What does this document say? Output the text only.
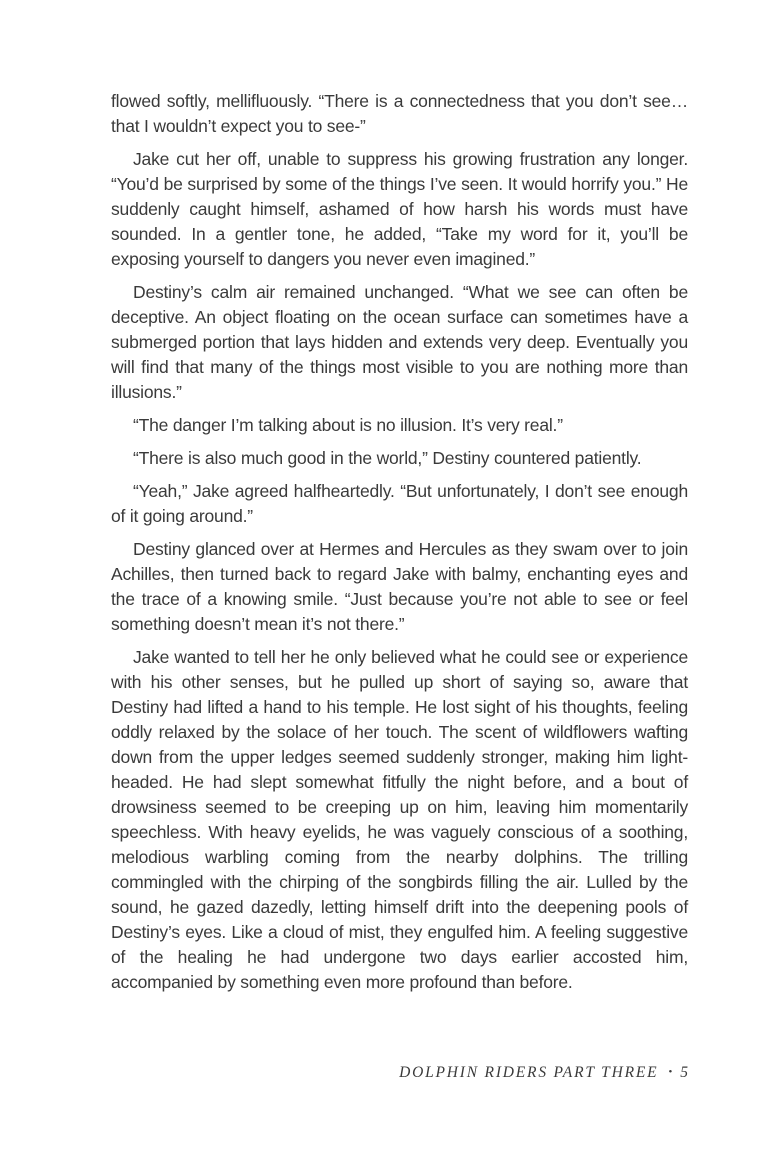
flowed softly, mellifluously. “There is a connectedness that you don’t see…that I wouldn’t expect you to see-”

Jake cut her off, unable to suppress his growing frustration any longer. “You’d be surprised by some of the things I’ve seen. It would horrify you.” He suddenly caught himself, ashamed of how harsh his words must have sounded. In a gentler tone, he added, “Take my word for it, you’ll be exposing yourself to dangers you never even imagined.”

Destiny’s calm air remained unchanged. “What we see can often be deceptive. An object floating on the ocean surface can sometimes have a submerged portion that lays hidden and extends very deep. Eventually you will find that many of the things most visible to you are nothing more than illusions.”

“The danger I’m talking about is no illusion. It’s very real.”

“There is also much good in the world,” Destiny countered patiently.

“Yeah,” Jake agreed halfheartedly. “But unfortunately, I don’t see enough of it going around.”

Destiny glanced over at Hermes and Hercules as they swam over to join Achilles, then turned back to regard Jake with balmy, enchanting eyes and the trace of a knowing smile. “Just because you’re not able to see or feel something doesn’t mean it’s not there.”

Jake wanted to tell her he only believed what he could see or experience with his other senses, but he pulled up short of saying so, aware that Destiny had lifted a hand to his temple. He lost sight of his thoughts, feeling oddly relaxed by the solace of her touch. The scent of wildflowers wafting down from the upper ledges seemed suddenly stronger, making him light-headed. He had slept somewhat fitfully the night before, and a bout of drowsiness seemed to be creeping up on him, leaving him momentarily speechless. With heavy eyelids, he was vaguely conscious of a soothing, melodious warbling coming from the nearby dolphins. The trilling commingled with the chirping of the songbirds filling the air. Lulled by the sound, he gazed dazedly, letting himself drift into the deepening pools of Destiny’s eyes. Like a cloud of mist, they engulfed him. A feeling suggestive of the healing he had undergone two days earlier accosted him, accompanied by something even more profound than before.

DOLPHIN RIDERS PART THREE • 5
